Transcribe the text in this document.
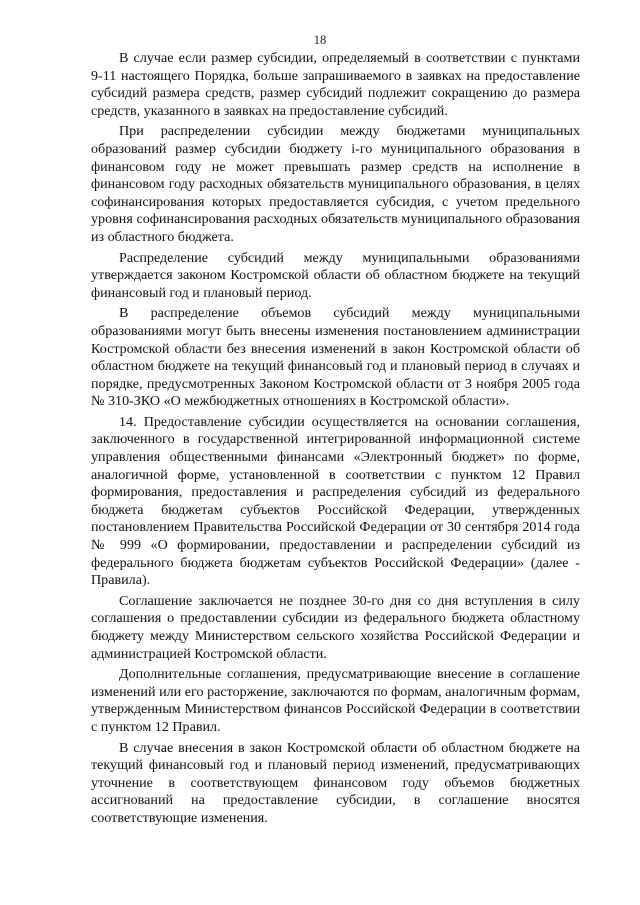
18

В случае если размер субсидии, определяемый в соответствии с пунктами 9-11 настоящего Порядка, больше запрашиваемого в заявках на предоставление субсидий размера средств, размер субсидий подлежит сокращению до размера средств, указанного в заявках на предоставление субсидий.

При распределении субсидии между бюджетами муниципальных образований размер субсидии бюджету i-го муниципального образования в финансовом году не может превышать размер средств на исполнение в финансовом году расходных обязательств муниципального образования, в целях софинансирования которых предоставляется субсидия, с учетом предельного уровня софинансирования расходных обязательств муниципального образования из областного бюджета.

Распределение субсидий между муниципальными образованиями утверждается законом Костромской области об областном бюджете на текущий финансовый год и плановый период.

В распределение объемов субсидий между муниципальными образованиями могут быть внесены изменения постановлением администрации Костромской области без внесения изменений в закон Костромской области об областном бюджете на текущий финансовый год и плановый период в случаях и порядке, предусмотренных Законом Костромской области от 3 ноября 2005 года № 310-ЗКО «О межбюджетных отношениях в Костромской области».

14. Предоставление субсидии осуществляется на основании соглашения, заключенного в государственной интегрированной информационной системе управления общественными финансами «Электронный бюджет» по форме, аналогичной форме, установленной в соответствии с пунктом 12 Правил формирования, предоставления и распределения субсидий из федерального бюджета бюджетам субъектов Российской Федерации, утвержденных постановлением Правительства Российской Федерации от 30 сентября 2014 года № 999 «О формировании, предоставлении и распределении субсидий из федерального бюджета бюджетам субъектов Российской Федерации» (далее - Правила).

Соглашение заключается не позднее 30-го дня со дня вступления в силу соглашения о предоставлении субсидии из федерального бюджета областному бюджету между Министерством сельского хозяйства Российской Федерации и администрацией Костромской области.

Дополнительные соглашения, предусматривающие внесение в соглашение изменений или его расторжение, заключаются по формам, аналогичным формам, утвержденным Министерством финансов Российской Федерации в соответствии с пунктом 12 Правил.

В случае внесения в закон Костромской области об областном бюджете на текущий финансовый год и плановый период изменений, предусматривающих уточнение в соответствующем финансовом году объемов бюджетных ассигнований на предоставление субсидии, в соглашение вносятся соответствующие изменения.
